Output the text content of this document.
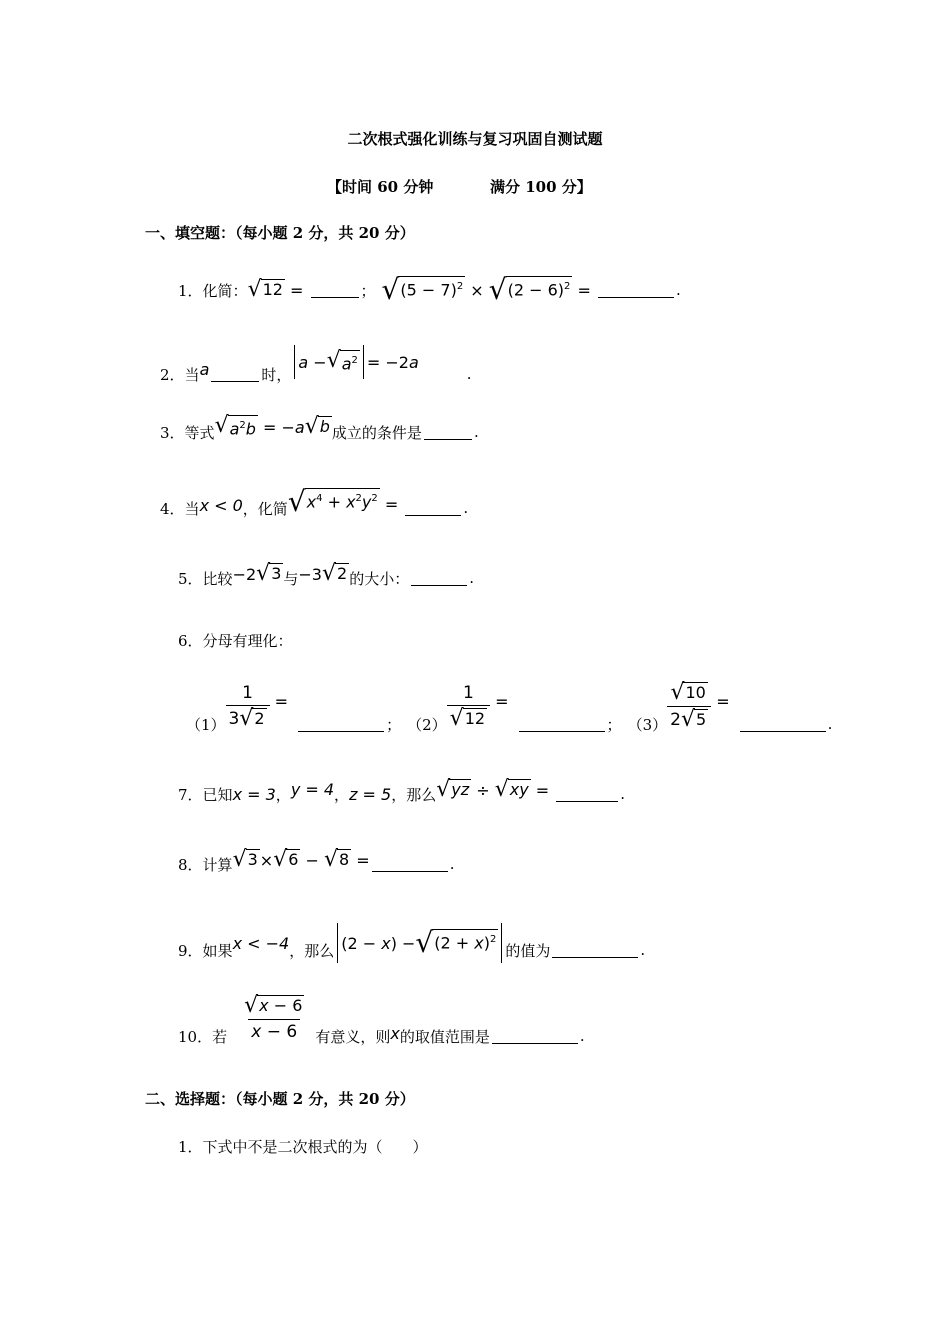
二次根式强化训练与复习巩固自测试题
【时间 60 分钟	满分 100 分】
一、填空题：（每小题 2 分，共 20 分）
1． 化简： √ 12 =	； √ $(5 - 7)^2$ × √ $(2 - 6)^2$ =	.
2． 当 a	时，
a − √ $a^2 = -2a$
.
3． 等式 √ $a^2b = -a$ √ b 成立的条件是	.
4． 当 x < 0 ，化简 √ $x^4 + x^2y^2$ =	.
5． 比较 −2 √ 3 与 −3 √ 2 的大小：	.
6． 分母有理化：
$(1) \frac{1}{3 √ 2}$ =
； $(2) \frac{1}{√ 12}$ =
； $(3) \frac{√ 10}{2 √ 5}$ =
.
7． 已知 x = 3 ， y = 4 ， z = 5 ， 那么 √ yz ÷ √ xy =	.
8． 计算 √ 3 × √ 6 − √ 8 =	.
9． 如果 x < −4 ，那么 (2 − x) − √ $(2 + x)^2$
的值为	.
10． 若 $\frac{√ x - 6}{x - 6}$ 有意义，则 x 的取值范围是	.
二、选择题：（每小题 2 分，共 20 分）
1．下式中不是二次根式的为（　　）
